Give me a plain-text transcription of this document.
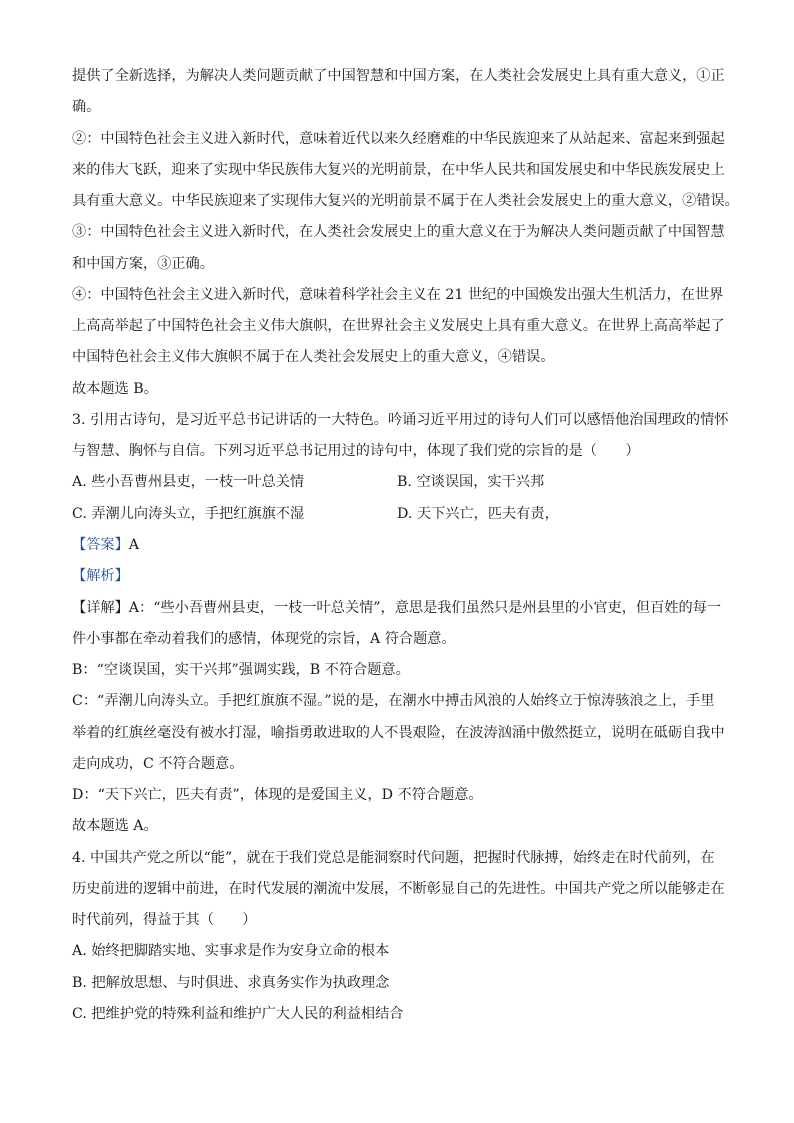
提供了全新选择，为解决人类问题贡献了中国智慧和中国方案，在人类社会发展史上具有重大意义，①正
确。
②：中国特色社会主义进入新时代，意味着近代以来久经磨难的中华民族迎来了从站起来、富起来到强起
来的伟大飞跃，迎来了实现中华民族伟大复兴的光明前景，在中华人民共和国发展史和中华民族发展史上
具有重大意义。中华民族迎来了实现伟大复兴的光明前景不属于在人类社会发展史上的重大意义，②错误。
③：中国特色社会主义进入新时代，在人类社会发展史上的重大意义在于为解决人类问题贡献了中国智慧
和中国方案，③正确。
④：中国特色社会主义进入新时代，意味着科学社会主义在 21 世纪的中国焕发出强大生机活力，在世界
上高高举起了中国特色社会主义伟大旗帜，在世界社会主义发展史上具有重大意义。在世界上高高举起了
中国特色社会主义伟大旗帜不属于在人类社会发展史上的重大意义，④错误。
故本题选 B。
3. 引用古诗句，是习近平总书记讲话的一大特色。吟诵习近平用过的诗句人们可以感悟他治国理政的情怀
与智慧、胸怀与自信。下列习近平总书记用过的诗句中，体现了我们党的宗旨的是（　　）
A. 些小吾曹州县吏，一枝一叶总关情	B. 空谈误国，实干兴邦
C. 弄潮儿向涛头立，手把红旗旗不湿	D. 天下兴亡，匹夫有责，
【答案】A
【解析】
【详解】A：“些小吾曹州县吏，一枝一叶总关情”，意思是我们虽然只是州县里的小官吏，但百姓的每一
件小事都在牵动着我们的感情，体现党的宗旨，A 符合题意。
B：“空谈误国，实干兴邦”强调实践，B 不符合题意。
C：“弄潮儿向涛头立。手把红旗旗不湿。”说的是，在潮水中搏击风浪的人始终立于惊涛骇浪之上，手里
举着的红旗丝毫没有被水打湿，喻指勇敢进取的人不畏艰险，在波涛汹涌中傲然挺立，说明在砥砺自我中
走向成功，C 不符合题意。
D：“天下兴亡，匹夫有责”，体现的是爱国主义，D 不符合题意。
故本题选 A。
4. 中国共产党之所以“能”，就在于我们党总是能洞察时代问题，把握时代脉搏，始终走在时代前列，在
历史前进的逻辑中前进，在时代发展的潮流中发展，不断彰显自己的先进性。中国共产党之所以能够走在
时代前列，得益于其（　　）
A. 始终把脚踏实地、实事求是作为安身立命的根本
B. 把解放思想、与时俱进、求真务实作为执政理念
C. 把维护党的特殊利益和维护广大人民的利益相结合
